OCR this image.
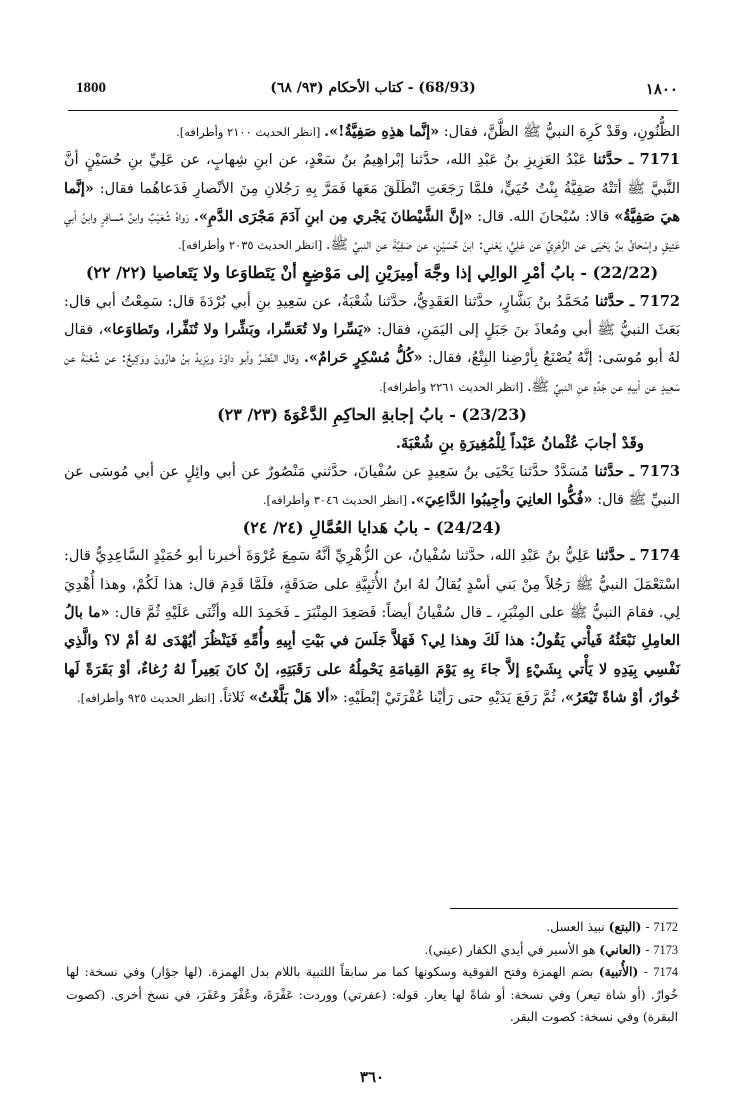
1800	(68/93) - كتاب الأحكام (٩٣/ ٦٨)	١٨٠٠

الظُّنُونِ، وقَدْ كَرِهَ النبيُّ ﷺ الظَّنَّ، فقال: «إنَّما هذِهِ صَفِيَّةُ!». [انظر الحديث ٢١٠٠ وأطرافه].

7171 ـ حدَّثنا عَبْدُ العَزِيزِ بنُ عَبْدِ الله، حدَّثنا إبْراهِيمُ بنُ سَعْدٍ، عن ابنِ شِهابٍ، عن عَلِيِّ بنِ حُسَيْنٍ أنَّ النَّبيَّ ﷺ أتَتْهُ صَفِيَّةُ بِنْتُ حُيَيٍّ، فلمَّا رَجَعَتِ انْطَلَقَ مَعَها فَمَرَّ بِهِ رَجُلانِ مِنَ الأنْصارِ فَدَعاهُما فقال: «إنَّما هيَ صَفِيَّةُ» قالا: سُبْحانَ الله. قال: «إنَّ الشَّيْطانَ يَجْري مِن ابنِ آدَمَ مَجْرَى الدَّمِ». رَواهُ شُعَيْبٌ وابنُ مُسافِرٍ وابنُ أبي عَتِيقٍ وإسْحاقُ بنُ يَحْيَى عن الزُّهْرِيِّ عن عَلِيٍّ، يَعْني: ابنَ حُسَيْنٍ، عن صَفِيَّةَ عنِ النبيِّ ﷺ. [انظر الحديث ٢٠٣٥ وأطرافه].

(22/22) - بابُ أمْرِ الوالِي إذا وجَّهَ أمِيرَيْنِ إلى مَوْضِعٍ أنْ يَتَطاوَعا ولا يَتَعاصيا (٢٢/ ٢٢)

7172 ـ حدَّثنا مُحَمَّدُ بنُ بَشَّارٍ، حدَّثنا العَقَدِيُّ، حدَّثنا شُعْبَةُ، عن سَعِيدِ بنِ أبي بُرْدَةَ قال: سَمِعْتُ أبي قال: بَعَثَ النبيُّ ﷺ أبي ومُعاذَ بنَ جَبَلٍ إلى اليَمَنِ، فقال: «يَسِّرا ولا تُعَسِّرا، وبَشِّرا ولا تُنَفِّرا، وتَطاوَعا»، فقال لهُ أبو مُوسَى: إنَّهُ يُصْنَعُ بِأرْضِنا البِتْعُ، فقال: «كُلُّ مُسْكِرٍ حَرامٌ». وقال النَّضْرُ وأبو داوُدَ ويَزِيدُ بنُ هارُونَ ووَكِيعٌ: عن شُعْبَةَ عن سَعِيدٍ عن أبيهِ عن جَدِّهِ عنِ النبيِّ ﷺ. [انظر الحديث ٢٢٦١ وأطرافه].

(23/23) - بابُ إجابةِ الحاكِمِ الدَّعْوَةَ (٢٣/ ٢٣)

وقَدْ أجابَ عُثْمانُ عَبْداً لِلْمُغِيرَةِ بنِ شُعْبَةَ.

7173 ـ حدَّثنا مُسَدَّدٌ حدَّثنا يَحْيَى بنُ سَعِيدٍ عن سُفْيانَ، حدَّثني مَنْصُورٌ عن أبي وائِلٍ عن أبي مُوسَى عن النبيِّ ﷺ قال: «فُكُّوا العانِيَ وأجِيبُوا الدَّاعِيَ». [انظر الحديث ٣٠٤٦ وأطرافه].

(24/24) - بابُ هَدايا العُمَّالِ (٢٤/ ٢٤)

7174 ـ حدَّثنا عَلِيُّ بنُ عَبْدِ الله، حدَّثنا سُفْيانُ، عن الزُّهْرِيِّ أنَّهُ سَمِعَ عُرْوَةَ أخبرنا أبو حُمَيْدٍ السَّاعِدِيُّ قال: اسْتَعْمَلَ النبيُّ ﷺ رَجُلاً مِنْ بَني أسْدٍ يُقالُ لهُ ابنُ الأُتَبِيَّةِ على صَدَقَةٍ، فلَمَّا قَدِمَ قال: هذا لَكُمْ، وهذا أُهْدِيَ لِي. فقامَ النبيُّ ﷺ على المِنْبَرِ، ـ قال سُفْيانُ أيضاً: فَصَعِدَ المِنْبَرَ ـ فَحَمِدَ الله وأثْنَى عَلَيْهِ ثُمَّ قال: «ما بالُ العامِلِ نَبْعَثُهُ فَيأْتي يَقُولُ: هذا لَكَ وهذا لِي؟ فَهَلاَّ جَلَسَ في بَيْتِ أبِيهِ وأُمِّهِ فَيَنْظُرَ أيُهْدَى لهُ أمْ لا؟ والَّذِي نَفْسِي بِيَدِهِ لا يَأْتي بِشَيْءٍ إلاَّ جاءَ بِهِ يَوْمَ القِيامَةِ يَحْمِلُهُ على رَقَبَتِهِ، إنْ كانَ بَعِيراً لهُ رُغاءٌ، أوْ بَقَرَةً لَها خُوارٌ، أوْ شاةً تَيْعَرُ»، ثُمَّ رَفَعَ يَدَيْهِ حتى رَأيْنا عُفْرَتَيْ إبْطَيْهِ: «ألا هَلْ بَلَّغْتُ» ثَلاثاً. [انظر الحديث ٩٢٥ وأطرافه].

7172 - (البتع) نبيذ العسل.

7173 - (العاني) هو الأسير في أيدي الكفار (عيني).

7174 - (الأُتبية) بضم الهمزة وفتح الفوقية وسكونها كما مر سابقاً اللتبية باللام بدل الهمزة. (لها جؤار) وفي نسخة: لها خُوارٌ. (أو شاة تيعر) وفي نسخة: أو شاةً لها يعار. قوله: (عفرتي) ووردت: عَفْرَةَ، وعُفْرَ وعَفَرَ، في نسخ أخرى. (كصوت البقرة) وفي نسخة: كصوت البقر.

٣٦٠
